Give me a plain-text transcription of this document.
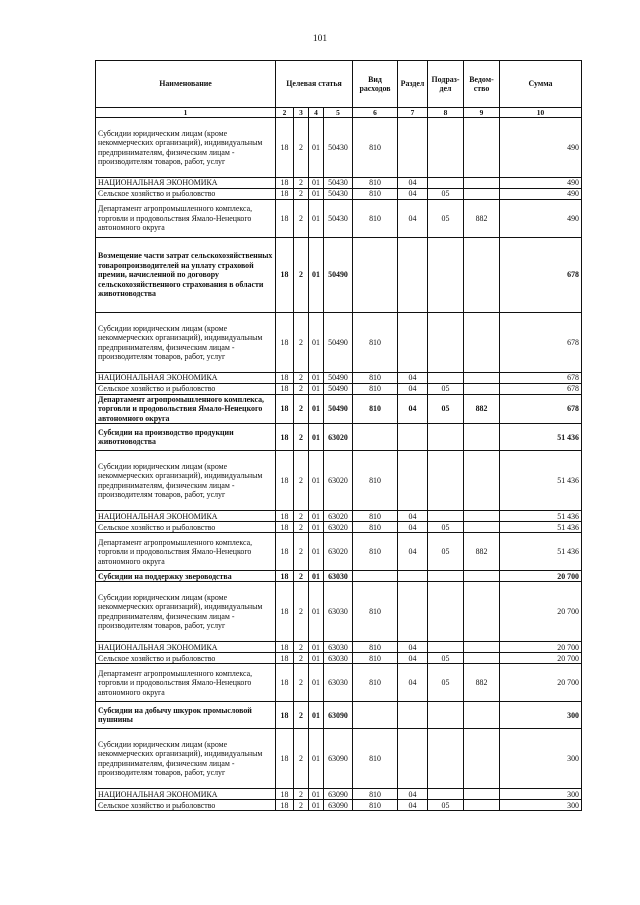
101
Наименование	Целевая статья				Вид расходов	Раздел	Подраз-дел	Ведом-ство	Сумма
1	2	3	4	5	6	7	8	9	10
Субсидии юридическим лицам (кроме некоммерческих организаций), индивидуальным предпринимателям, физическим лицам - производителям товаров, работ, услуг	18	2	01	50430	810				490
НАЦИОНАЛЬНАЯ ЭКОНОМИКА	18	2	01	50430	810	04			490
Сельское хозяйство и рыболовство	18	2	01	50430	810	04	05		490
Департамент агропромышленного комплекса, торговли и продовольствия Ямало-Ненецкого автономного округа	18	2	01	50430	810	04	05	882	490
Возмещение части затрат сельскохозяйственных товаропроизводителей на уплату страховой премии, начисленной по договору сельскохозяйственного страхования в области животноводства	18	2	01	50490					678
Субсидии юридическим лицам (кроме некоммерческих организаций), индивидуальным предпринимателям, физическим лицам - производителям товаров, работ, услуг	18	2	01	50490	810				678
НАЦИОНАЛЬНАЯ ЭКОНОМИКА	18	2	01	50490	810	04			678
Сельское хозяйство и рыболовство	18	2	01	50490	810	04	05		678
Департамент агропромышленного комплекса, торговли и продовольствия Ямало-Ненецкого автономного округа	18	2	01	50490	810	04	05	882	678
Субсидии на производство продукции животноводства	18	2	01	63020					51 436
Субсидии юридическим лицам (кроме некоммерческих организаций), индивидуальным предпринимателям, физическим лицам - производителям товаров, работ, услуг	18	2	01	63020	810				51 436
НАЦИОНАЛЬНАЯ ЭКОНОМИКА	18	2	01	63020	810	04			51 436
Сельское хозяйство и рыболовство	18	2	01	63020	810	04	05		51 436
Департамент агропромышленного комплекса, торговли и продовольствия Ямало-Ненецкого автономного округа	18	2	01	63020	810	04	05	882	51 436
Субсидии на поддержку звероводства	18	2	01	63030					20 700
Субсидии юридическим лицам (кроме некоммерческих организаций), индивидуальным предпринимателям, физическим лицам - производителям товаров, работ, услуг	18	2	01	63030	810				20 700
НАЦИОНАЛЬНАЯ ЭКОНОМИКА	18	2	01	63030	810	04			20 700
Сельское хозяйство и рыболовство	18	2	01	63030	810	04	05		20 700
Департамент агропромышленного комплекса, торговли и продовольствия Ямало-Ненецкого автономного округа	18	2	01	63030	810	04	05	882	20 700
Субсидии на добычу шкурок промысловой пушнины	18	2	01	63090					300
Субсидии юридическим лицам (кроме некоммерческих организаций), индивидуальным предпринимателям, физическим лицам - производителям товаров, работ, услуг	18	2	01	63090	810				300
НАЦИОНАЛЬНАЯ ЭКОНОМИКА	18	2	01	63090	810	04			300
Сельское хозяйство и рыболовство	18	2	01	63090	810	04	05		300
